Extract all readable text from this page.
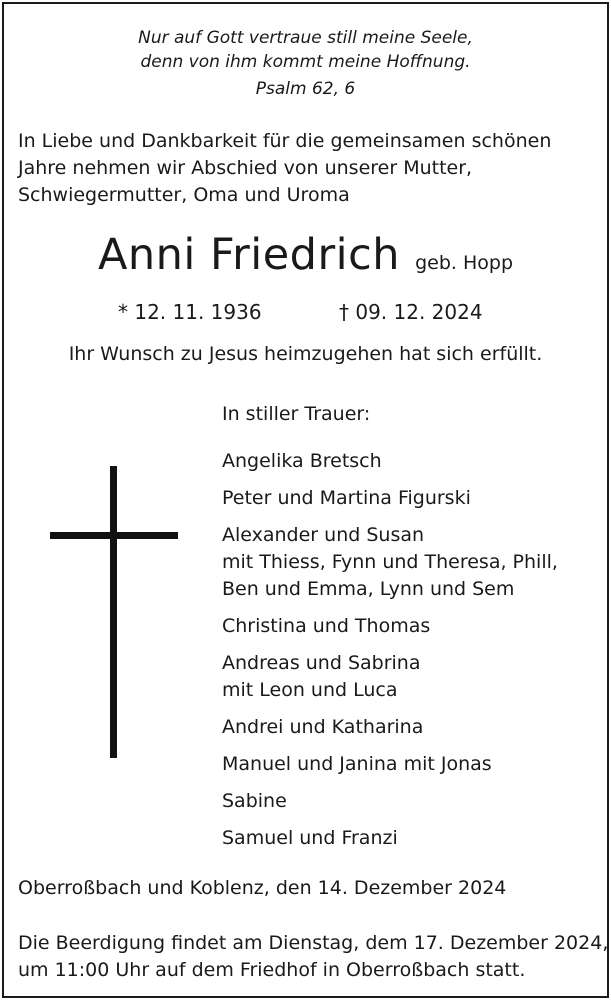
Nur auf Gott vertraue still meine Seele,
denn von ihm kommt meine Hoffnung.
Psalm 62, 6
In Liebe und Dankbarkeit für die gemeinsamen schönen
Jahre nehmen wir Abschied von unserer Mutter,
Schwiegermutter, Oma und Uroma
Anni Friedrich geb. Hopp
* 12. 11. 1936	† 09. 12. 2024
Ihr Wunsch zu Jesus heimzugehen hat sich erfüllt.
In stiller Trauer:
Angelika Bretsch
Peter und Martina Figurski
Alexander und Susan
mit Thiess, Fynn und Theresa, Phill,
Ben und Emma, Lynn und Sem
Christina und Thomas
Andreas und Sabrina
mit Leon und Luca
Andrei und Katharina
Manuel und Janina mit Jonas
Sabine
Samuel und Franzi
Oberroßbach und Koblenz, den 14. Dezember 2024
Die Beerdigung findet am Dienstag, dem 17. Dezember 2024,
um 11:00 Uhr auf dem Friedhof in Oberroßbach statt.
